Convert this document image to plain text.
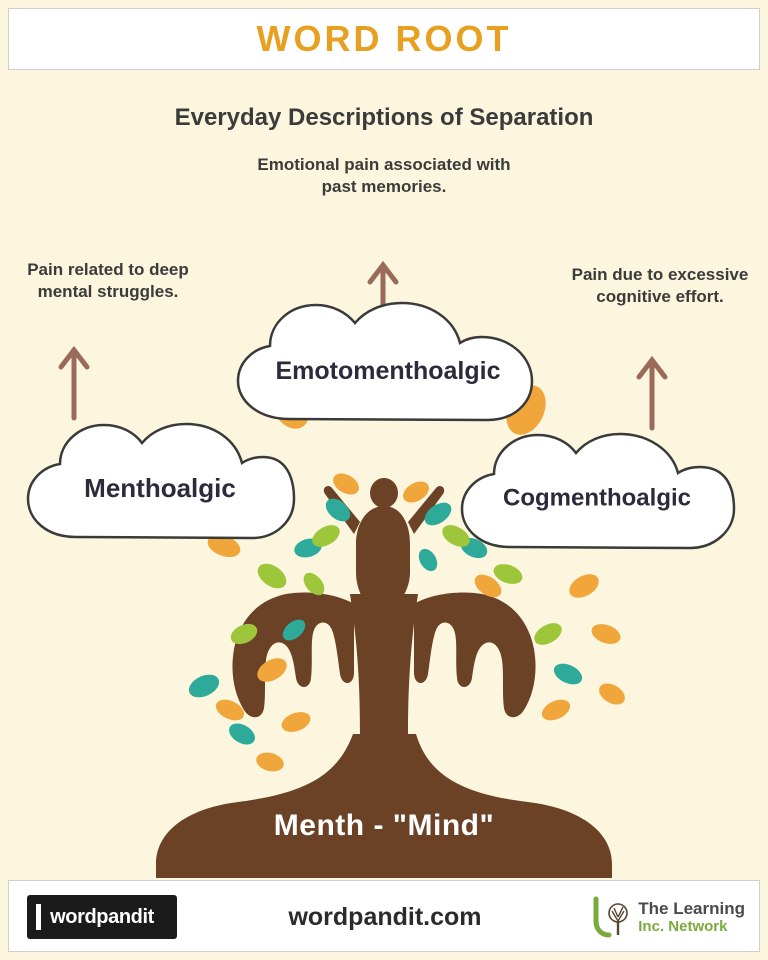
WORD ROOT
Everyday Descriptions of Separation
Emotional pain associated with past memories.
Pain related to deep mental struggles.
Pain due to excessive cognitive effort.
Emotomenthoalgic
Menthoalgic	Cogmenthoalgic
Menth - "Mind"
wordpandit	wordpandit.com	The Learning
Inc. Network
